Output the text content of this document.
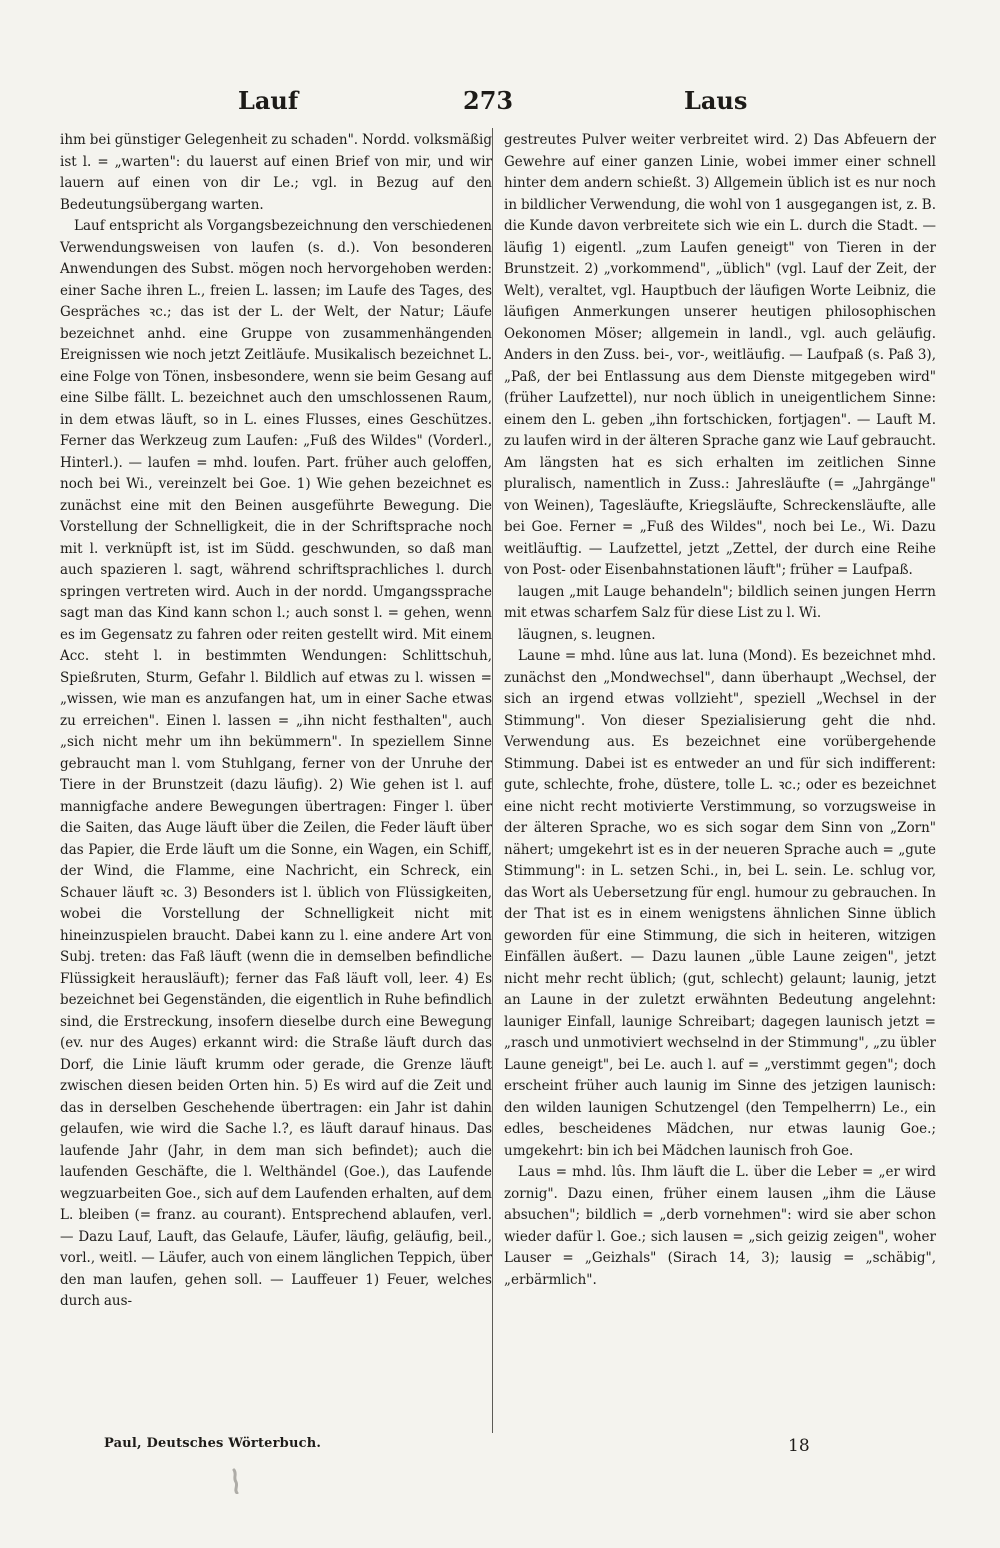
Lauf	273	Laus

ihm bei günstiger Gelegenheit zu schaden". Nordd. volksmäßig ist l. = „warten": du lauerst auf einen Brief von mir, und wir lauern auf einen von dir Le.; vgl. in Bezug auf den Bedeutungsübergang warten.

Lauf entspricht als Vorgangsbezeichnung den verschiedenen Verwendungsweisen von laufen (s. d.). Von besonderen Anwendungen des Subst. mögen noch hervorgehoben werden: einer Sache ihren L., freien L. lassen; im Laufe des Tages, des Gespräches ꝛc.; das ist der L. der Welt, der Natur; Läufe bezeichnet anhd. eine Gruppe von zusammenhängenden Ereignissen wie noch jetzt Zeitläufe. Musikalisch bezeichnet L. eine Folge von Tönen, insbesondere, wenn sie beim Gesang auf eine Silbe fällt. L. bezeichnet auch den umschlossenen Raum, in dem etwas läuft, so in L. eines Flusses, eines Geschützes. Ferner das Werkzeug zum Laufen: „Fuß des Wildes" (Vorderl., Hinterl.). — laufen = mhd. loufen. Part. früher auch geloffen, noch bei Wi., vereinzelt bei Goe. 1) Wie gehen bezeichnet es zunächst eine mit den Beinen ausgeführte Bewegung. Die Vorstellung der Schnelligkeit, die in der Schriftsprache noch mit l. verknüpft ist, ist im Südd. geschwunden, so daß man auch spazieren l. sagt, während schriftsprachliches l. durch springen vertreten wird. Auch in der nordd. Umgangssprache sagt man das Kind kann schon l.; auch sonst l. = gehen, wenn es im Gegensatz zu fahren oder reiten gestellt wird. Mit einem Acc. steht l. in bestimmten Wendungen: Schlittschuh, Spießruten, Sturm, Gefahr l. Bildlich auf etwas zu l. wissen = „wissen, wie man es anzufangen hat, um in einer Sache etwas zu erreichen". Einen l. lassen = „ihn nicht festhalten", auch „sich nicht mehr um ihn bekümmern". In speziellem Sinne gebraucht man l. vom Stuhlgang, ferner von der Unruhe der Tiere in der Brunstzeit (dazu läufig). 2) Wie gehen ist l. auf mannigfache andere Bewegungen übertragen: Finger l. über die Saiten, das Auge läuft über die Zeilen, die Feder läuft über das Papier, die Erde läuft um die Sonne, ein Wagen, ein Schiff, der Wind, die Flamme, eine Nachricht, ein Schreck, ein Schauer läuft ꝛc. 3) Besonders ist l. üblich von Flüssigkeiten, wobei die Vorstellung der Schnelligkeit nicht mit hineinzuspielen braucht. Dabei kann zu l. eine andere Art von Subj. treten: das Faß läuft (wenn die in demselben befindliche Flüssigkeit herausläuft); ferner das Faß läuft voll, leer. 4) Es bezeichnet bei Gegenständen, die eigentlich in Ruhe befindlich sind, die Erstreckung, insofern dieselbe durch eine Bewegung (ev. nur des Auges) erkannt wird: die Straße läuft durch das Dorf, die Linie läuft krumm oder gerade, die Grenze läuft zwischen diesen beiden Orten hin. 5) Es wird auf die Zeit und das in derselben Geschehende übertragen: ein Jahr ist dahin gelaufen, wie wird die Sache l.?, es läuft darauf hinaus. Das laufende Jahr (Jahr, in dem man sich befindet); auch die laufenden Geschäfte, die l. Welthändel (Goe.), das Laufende wegzuarbeiten Goe., sich auf dem Laufenden erhalten, auf dem L. bleiben (= franz. au courant). Entsprechend ablaufen, verl. — Dazu Lauf, Lauft, das Gelaufe, Läufer, läufig, geläufig, beil., vorl., weitl. — Läufer, auch von einem länglichen Teppich, über den man laufen, gehen soll. — Lauffeuer 1) Feuer, welches durch aus-

gestreutes Pulver weiter verbreitet wird. 2) Das Abfeuern der Gewehre auf einer ganzen Linie, wobei immer einer schnell hinter dem andern schießt. 3) Allgemein üblich ist es nur noch in bildlicher Verwendung, die wohl von 1 ausgegangen ist, z. B. die Kunde davon verbreitete sich wie ein L. durch die Stadt. — läufig 1) eigentl. „zum Laufen geneigt" von Tieren in der Brunstzeit. 2) „vorkommend", „üblich" (vgl. Lauf der Zeit, der Welt), veraltet, vgl. Hauptbuch der läufigen Worte Leibniz, die läufigen Anmerkungen unserer heutigen philosophischen Oekonomen Möser; allgemein in landl., vgl. auch geläufig. Anders in den Zuss. bei-, vor-, weitläufig. — Laufpaß (s. Paß 3), „Paß, der bei Entlassung aus dem Dienste mitgegeben wird" (früher Laufzettel), nur noch üblich in uneigentlichem Sinne: einem den L. geben „ihn fortschicken, fortjagen". — Lauft M. zu laufen wird in der älteren Sprache ganz wie Lauf gebraucht. Am längsten hat es sich erhalten im zeitlichen Sinne pluralisch, namentlich in Zuss.: Jahresläufte (= „Jahrgänge" von Weinen), Tagesläufte, Kriegsläufte, Schreckensläufte, alle bei Goe. Ferner = „Fuß des Wildes", noch bei Le., Wi. Dazu weitläuftig. — Laufzettel, jetzt „Zettel, der durch eine Reihe von Post- oder Eisenbahnstationen läuft"; früher = Laufpaß.

laugen „mit Lauge behandeln"; bildlich seinen jungen Herrn mit etwas scharfem Salz für diese List zu l. Wi.

läugnen, s. leugnen.

Laune = mhd. lûne aus lat. luna (Mond). Es bezeichnet mhd. zunächst den „Mondwechsel", dann überhaupt „Wechsel, der sich an irgend etwas vollzieht", speziell „Wechsel in der Stimmung". Von dieser Spezialisierung geht die nhd. Verwendung aus. Es bezeichnet eine vorübergehende Stimmung. Dabei ist es entweder an und für sich indifferent: gute, schlechte, frohe, düstere, tolle L. ꝛc.; oder es bezeichnet eine nicht recht motivierte Verstimmung, so vorzugsweise in der älteren Sprache, wo es sich sogar dem Sinn von „Zorn" nähert; umgekehrt ist es in der neueren Sprache auch = „gute Stimmung": in L. setzen Schi., in, bei L. sein. Le. schlug vor, das Wort als Uebersetzung für engl. humour zu gebrauchen. In der That ist es in einem wenigstens ähnlichen Sinne üblich geworden für eine Stimmung, die sich in heiteren, witzigen Einfällen äußert. — Dazu launen „üble Laune zeigen", jetzt nicht mehr recht üblich; (gut, schlecht) gelaunt; launig, jetzt an Laune in der zuletzt erwähnten Bedeutung angelehnt: launiger Einfall, launige Schreibart; dagegen launisch jetzt = „rasch und unmotiviert wechselnd in der Stimmung", „zu übler Laune geneigt", bei Le. auch l. auf = „verstimmt gegen"; doch erscheint früher auch launig im Sinne des jetzigen launisch: den wilden launigen Schutzengel (den Tempelherrn) Le., ein edles, bescheidenes Mädchen, nur etwas launig Goe.; umgekehrt: bin ich bei Mädchen launisch froh Goe.

Laus = mhd. lûs. Ihm läuft die L. über die Leber = „er wird zornig". Dazu einen, früher einem lausen „ihm die Läuse absuchen"; bildlich = „derb vornehmen": wird sie aber schon wieder dafür l. Goe.; sich lausen = „sich geizig zeigen", woher Lauser = „Geizhals" (Sirach 14, 3); lausig = „schäbig", „erbärmlich".

Paul, Deutsches Wörterbuch.	18
